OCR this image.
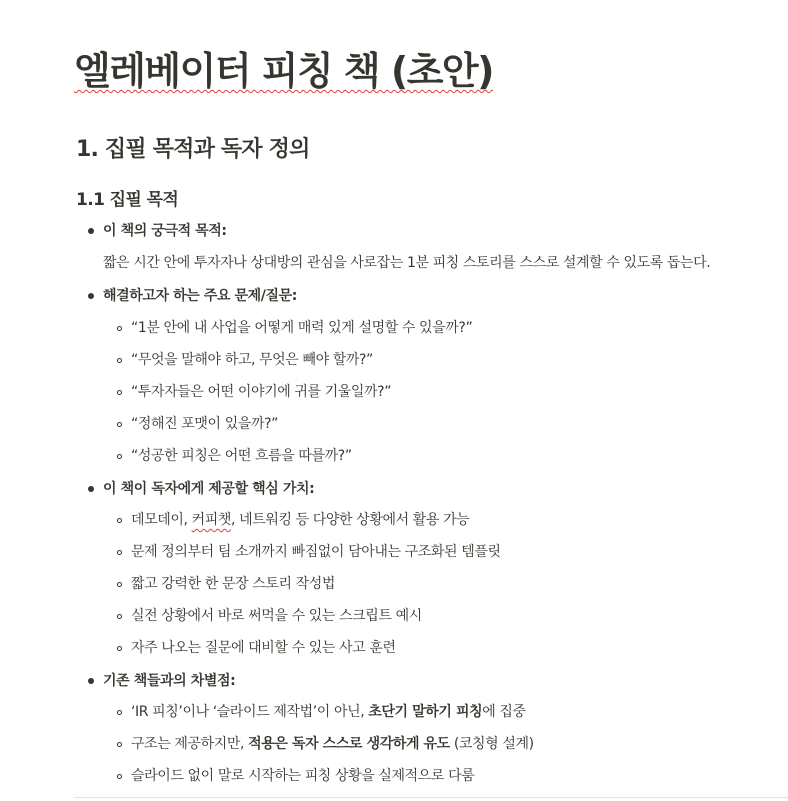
엘레베이터 피칭 책 (초안)
1. 집필 목적과 독자 정의
1.1 집필 목적
이 책의 궁극적 목적:
짧은 시간 안에 투자자나 상대방의 관심을 사로잡는 1분 피칭 스토리를 스스로 설계할 수 있도록 돕는다.
해결하고자 하는 주요 문제/질문:
“1분 안에 내 사업을 어떻게 매력 있게 설명할 수 있을까?”
“무엇을 말해야 하고, 무엇은 빼야 할까?”
“투자자들은 어떤 이야기에 귀를 기울일까?”
“정해진 포맷이 있을까?”
“성공한 피칭은 어떤 흐름을 따를까?”
이 책이 독자에게 제공할 핵심 가치:
데모데이, 커피챗, 네트워킹 등 다양한 상황에서 활용 가능
문제 정의부터 팀 소개까지 빠짐없이 담아내는 구조화된 템플릿
짧고 강력한 한 문장 스토리 작성법
실전 상황에서 바로 써먹을 수 있는 스크립트 예시
자주 나오는 질문에 대비할 수 있는 사고 훈련
기존 책들과의 차별점:
‘IR 피칭’이나 ‘슬라이드 제작법’이 아닌, 초단기 말하기 피칭에 집중
구조는 제공하지만, 적용은 독자 스스로 생각하게 유도 (코칭형 설계)
슬라이드 없이 말로 시작하는 피칭 상황을 실제적으로 다룸
